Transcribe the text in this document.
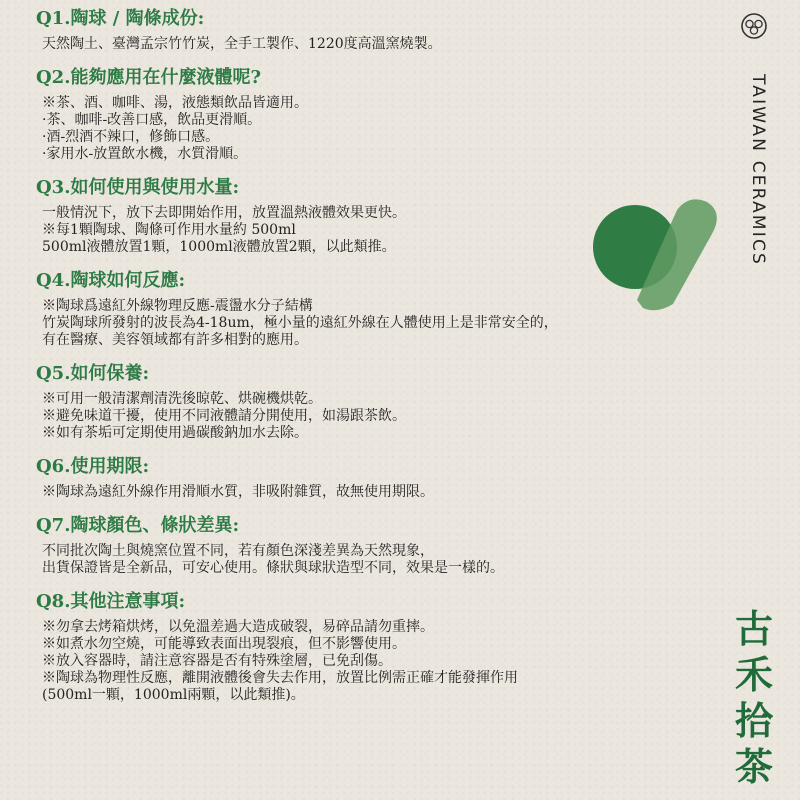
Q1.陶球 / 陶條成份:
天然陶土、臺灣孟宗竹竹炭，全手工製作、1220度高溫窯燒製。
Q2.能夠應用在什麼液體呢?
※茶、酒、咖啡、湯，液態類飲品皆適用。
·茶、咖啡-改善口感，飲品更滑順。
·酒-烈酒不辣口，修飾口感。
·家用水-放置飲水機，水質滑順。
Q3.如何使用與使用水量:
一般情況下，放下去即開始作用，放置溫熱液體效果更快。
※每1顆陶球、陶條可作用水量約 500ml
500ml液體放置1顆，1000ml液體放置2顆，以此類推。
Q4.陶球如何反應:
※陶球爲遠紅外線物理反應-震盪水分子結構
竹炭陶球所發射的波長為4-18um，極小量的遠紅外線在人體使用上是非常安全的，
有在醫療、美容領域都有許多相對的應用。
Q5.如何保養:
※可用一般清潔劑清洗後晾乾、烘碗機烘乾。
※避免味道干擾，使用不同液體請分開使用，如湯跟茶飲。
※如有茶垢可定期使用過碳酸鈉加水去除。
Q6.使用期限:
※陶球為遠紅外線作用滑順水質，非吸附雜質，故無使用期限。
Q7.陶球顏色、條狀差異:
不同批次陶土與燒窯位置不同，若有顏色深淺差異為天然現象，
出貨保證皆是全新品，可安心使用。條狀與球狀造型不同，效果是一樣的。
Q8.其他注意事項:
※勿拿去烤箱烘烤，以免溫差過大造成破裂，易碎品請勿重摔。
※如煮水勿空燒，可能導致表面出現裂痕，但不影響使用。
※放入容器時，請注意容器是否有特殊塗層，已免刮傷。
※陶球為物理性反應，離開液體後會失去作用，放置比例需正確才能發揮作用
(500ml一顆，1000ml兩顆，以此類推)。
TAIWAN CERAMICS
古禾拾茶
